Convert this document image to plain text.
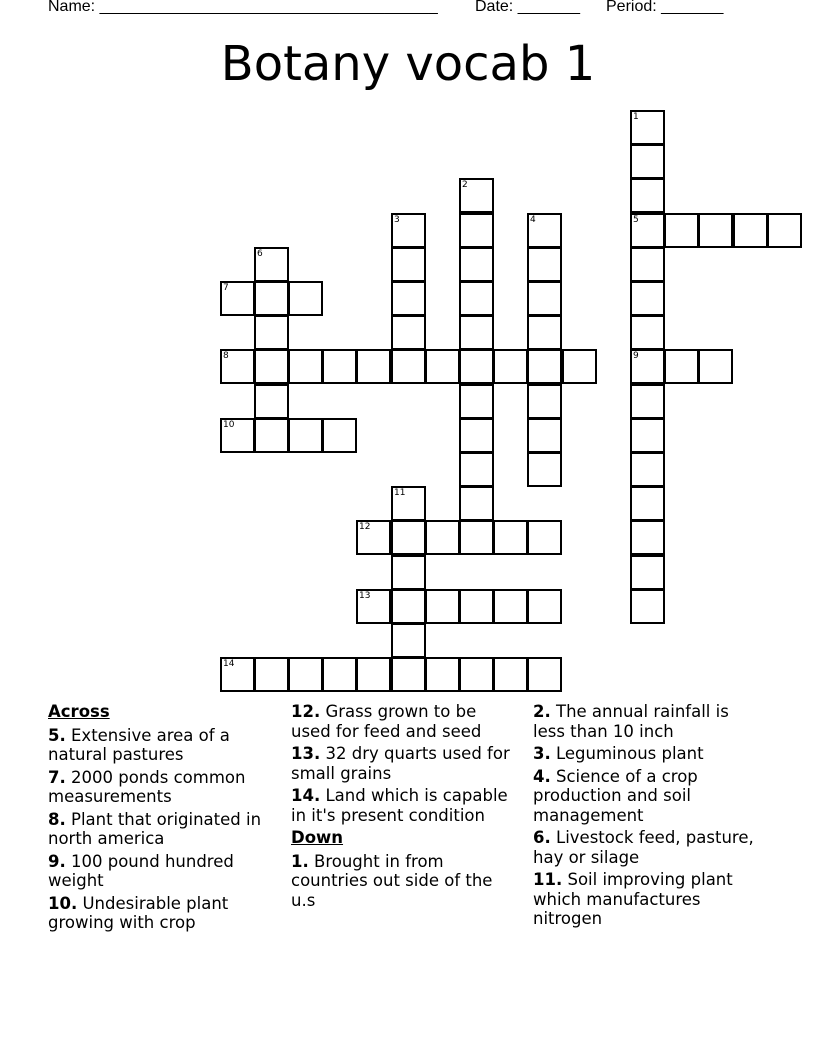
Name: ______________________________________ Date: _______ Period: _______
Botany vocab 1
1
5
9
2
3	4
6
7
8
10
11
12
13
14
Across
5. Extensive area of a natural pastures
7. 2000 ponds common measurements
8. Plant that originated in north america
9. 100 pound hundred weight
10. Undesirable plant growing with crop
12. Grass grown to be used for feed and seed
13. 32 dry quarts used for small grains
14. Land which is capable in it's present condition
Down
1. Brought in from countries out side of the u.s
2. The annual rainfall is less than 10 inch
3. Leguminous plant
4. Science of a crop production and soil management
6. Livestock feed, pasture, hay or silage
11. Soil improving plant which manufactures nitrogen
